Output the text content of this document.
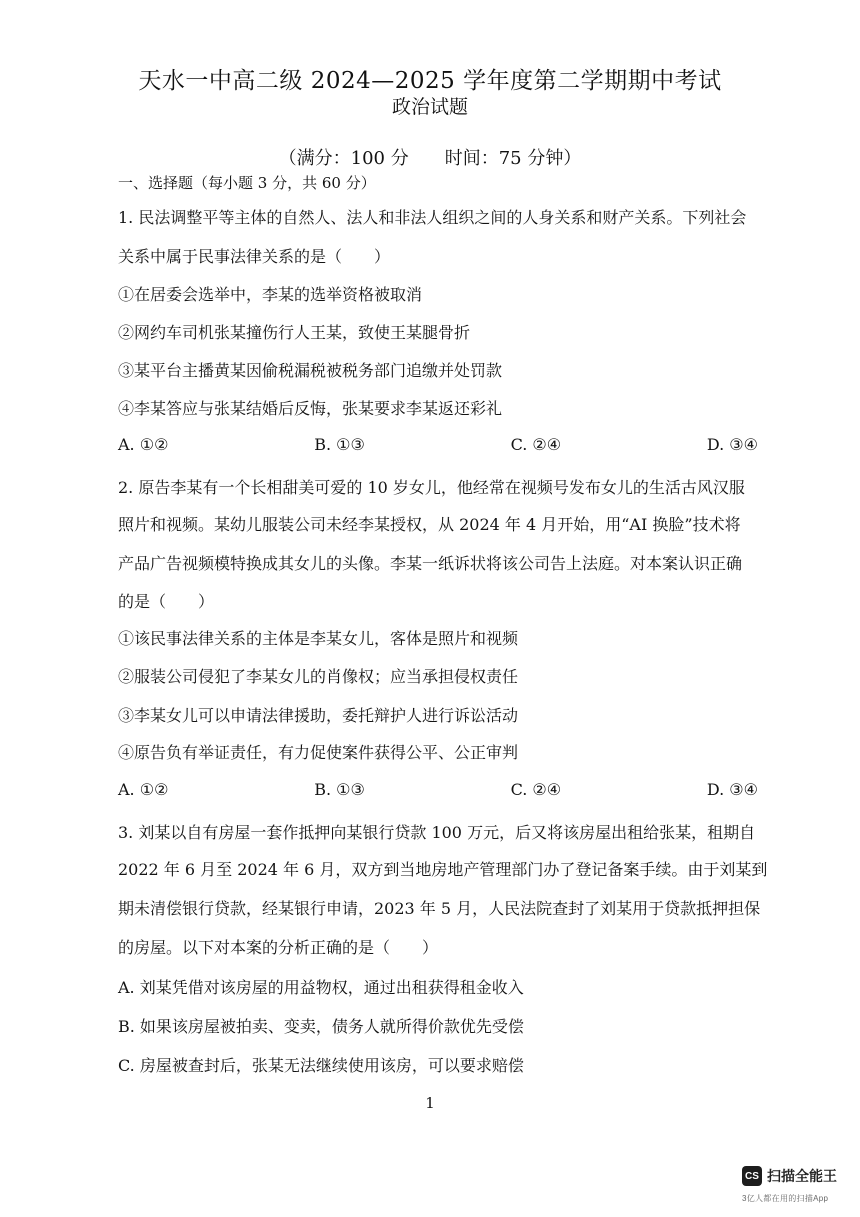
天水一中高二级 2024—2025 学年度第二学期期中考试
政治试题
（满分：100 分 时间：75 分钟）
一、选择题（每小题 3 分，共 60 分）
1. 民法调整平等主体的自然人、法人和非法人组织之间的人身关系和财产关系。下列社会
关系中属于民事法律关系的是（　　）
①在居委会选举中，李某的选举资格被取消
②网约车司机张某撞伤行人王某，致使王某腿骨折
③某平台主播黄某因偷税漏税被税务部门追缴并处罚款
④李某答应与张某结婚后反悔，张某要求李某返还彩礼
A. ①②	B. ①③	C. ②④	D. ③④
2. 原告李某有一个长相甜美可爱的 10 岁女儿，他经常在视频号发布女儿的生活古风汉服
照片和视频。某幼儿服装公司未经李某授权，从 2024 年 4 月开始，用“AI 换脸”技术将
产品广告视频模特换成其女儿的头像。李某一纸诉状将该公司告上法庭。对本案认识正确
的是（　　）
①该民事法律关系的主体是李某女儿，客体是照片和视频
②服装公司侵犯了李某女儿的肖像权；应当承担侵权责任
③李某女儿可以申请法律援助，委托辩护人进行诉讼活动
④原告负有举证责任，有力促使案件获得公平、公正审判
A. ①②	B. ①③	C. ②④	D. ③④
3. 刘某以自有房屋一套作抵押向某银行贷款 100 万元，后又将该房屋出租给张某，租期自
2022 年 6 月至 2024 年 6 月，双方到当地房地产管理部门办了登记备案手续。由于刘某到
期未清偿银行贷款，经某银行申请，2023 年 5 月，人民法院查封了刘某用于贷款抵押担保
的房屋。以下对本案的分析正确的是（　　）
A. 刘某凭借对该房屋的用益物权，通过出租获得租金收入
B. 如果该房屋被拍卖、变卖，债务人就所得价款优先受偿
C. 房屋被查封后，张某无法继续使用该房，可以要求赔偿
1
CS 扫描全能王
3亿人都在用的扫描App
